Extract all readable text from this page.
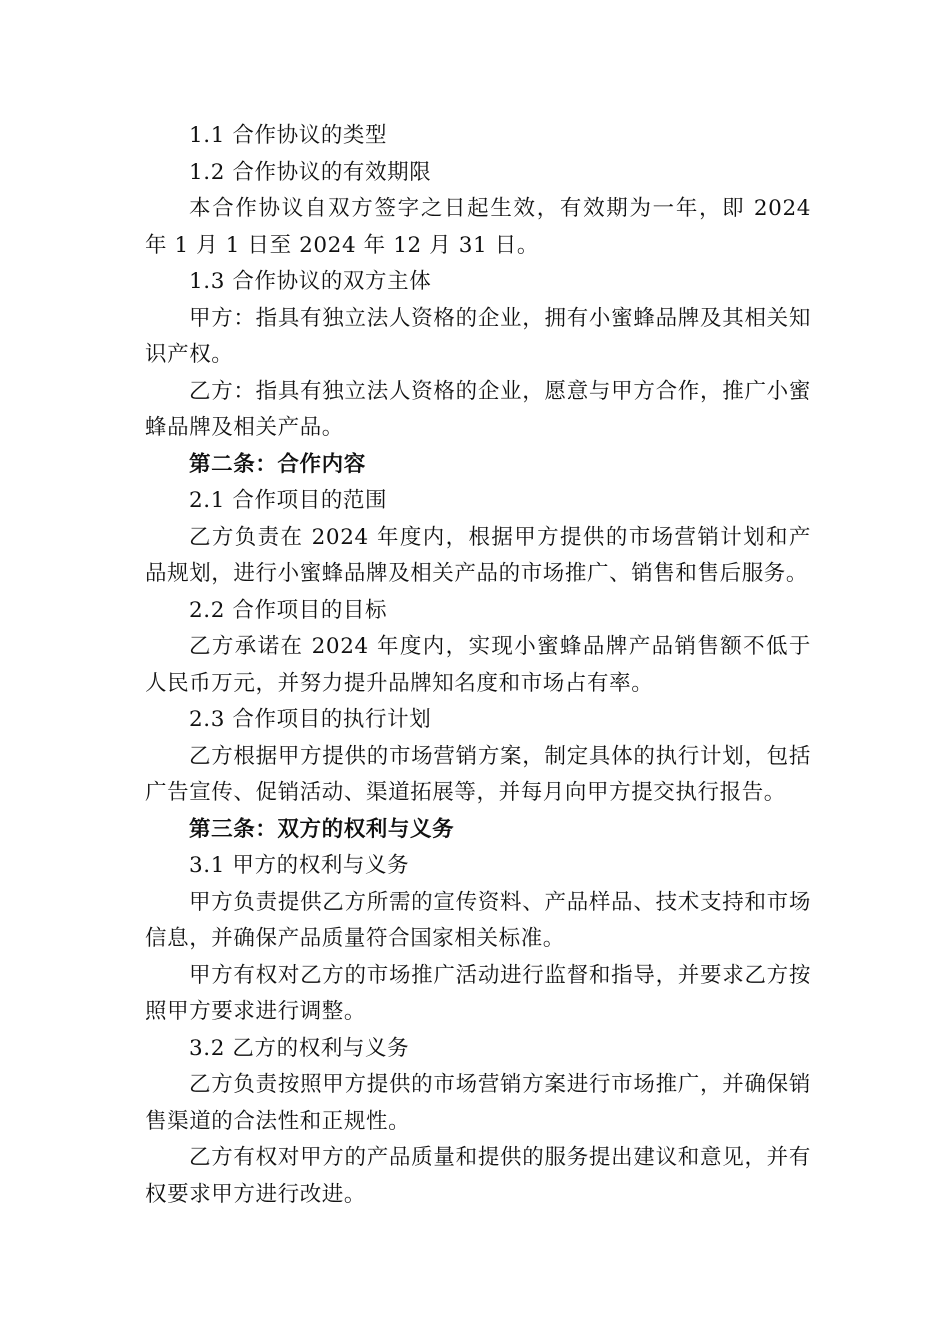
1.1 合作协议的类型

1.2 合作协议的有效期限

本合作协议自双方签字之日起生效，有效期为一年，即 2024 年 1 月 1 日至 2024 年 12 月 31 日。

1.3 合作协议的双方主体

甲方：指具有独立法人资格的企业，拥有小蜜蜂品牌及其相关知识产权。

乙方：指具有独立法人资格的企业，愿意与甲方合作，推广小蜜蜂品牌及相关产品。

第二条：合作内容

2.1 合作项目的范围

乙方负责在 2024 年度内，根据甲方提供的市场营销计划和产品规划，进行小蜜蜂品牌及相关产品的市场推广、销售和售后服务。

2.2 合作项目的目标

乙方承诺在 2024 年度内，实现小蜜蜂品牌产品销售额不低于人民币万元，并努力提升品牌知名度和市场占有率。

2.3 合作项目的执行计划

乙方根据甲方提供的市场营销方案，制定具体的执行计划，包括广告宣传、促销活动、渠道拓展等，并每月向甲方提交执行报告。

第三条：双方的权利与义务

3.1 甲方的权利与义务

甲方负责提供乙方所需的宣传资料、产品样品、技术支持和市场信息，并确保产品质量符合国家相关标准。

甲方有权对乙方的市场推广活动进行监督和指导，并要求乙方按照甲方要求进行调整。

3.2 乙方的权利与义务

乙方负责按照甲方提供的市场营销方案进行市场推广，并确保销售渠道的合法性和正规性。

乙方有权对甲方的产品质量和提供的服务提出建议和意见，并有权要求甲方进行改进。
